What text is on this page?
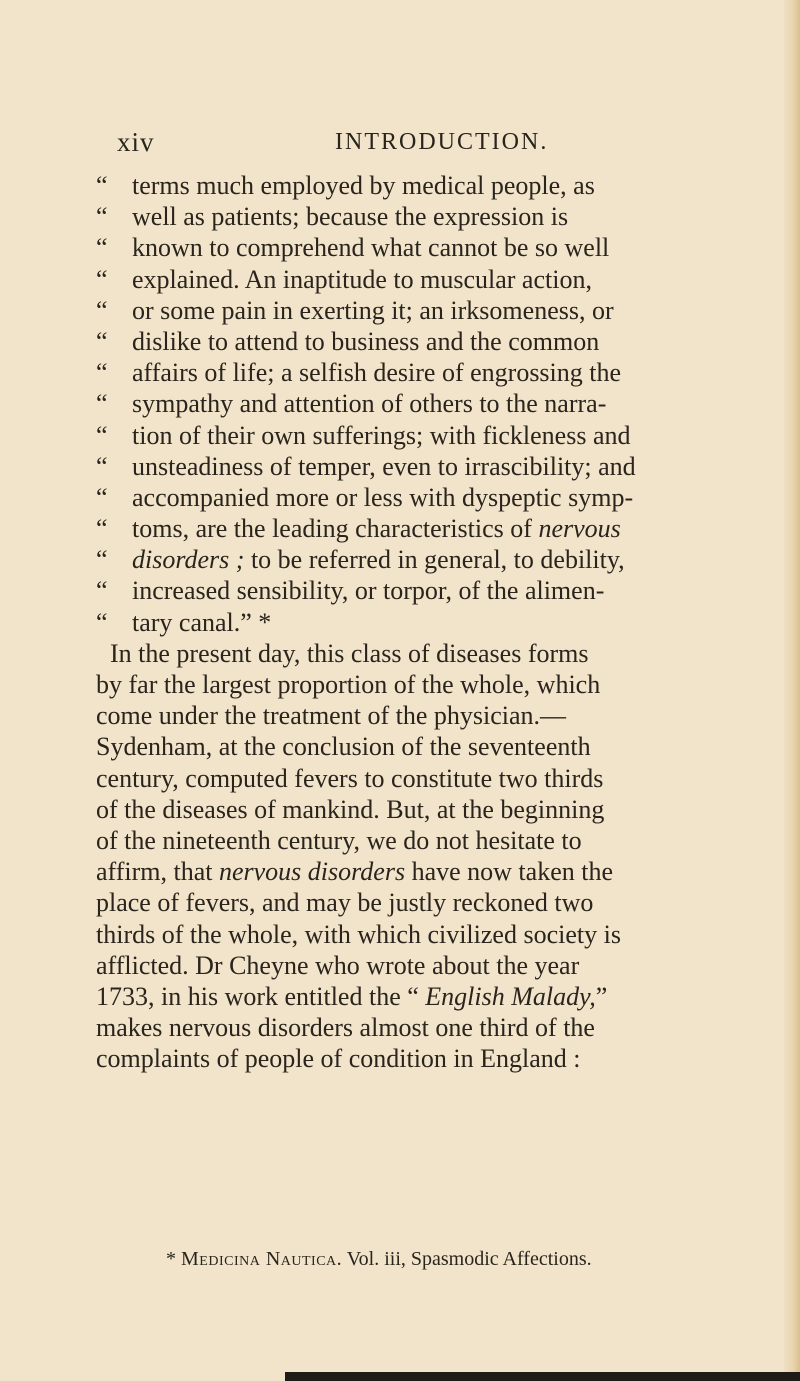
xiv	INTRODUCTION.
“ terms much employed by medical people, as
“ well as patients; because the expression is
“ known to comprehend what cannot be so well
“ explained. An inaptitude to muscular action,
“ or some pain in exerting it; an irksomeness, or
“ dislike to attend to business and the common
“ affairs of life; a selfish desire of engrossing the
“ sympathy and attention of others to the narra-
“ tion of their own sufferings; with fickleness and
“ unsteadiness of temper, even to irrascibility; and
“ accompanied more or less with dyspeptic symp-
“ toms, are the leading characteristics of nervous
“ disorders ; to be referred in general, to debility,
“ increased sensibility, or torpor, of the alimen-
“ tary canal.” *
In the present day, this class of diseases forms
by far the largest proportion of the whole, which
come under the treatment of the physician.—
Sydenham, at the conclusion of the seventeenth
century, computed fevers to constitute two thirds
of the diseases of mankind. But, at the beginning
of the nineteenth century, we do not hesitate to
affirm, that nervous disorders have now taken the
place of fevers, and may be justly reckoned two
thirds of the whole, with which civilized society is
afflicted. Dr Cheyne who wrote about the year
1733, in his work entitled the “ English Malady,”
makes nervous disorders almost one third of the
complaints of people of condition in England :
* Medicina Nautica. Vol. iii, Spasmodic Affections.
